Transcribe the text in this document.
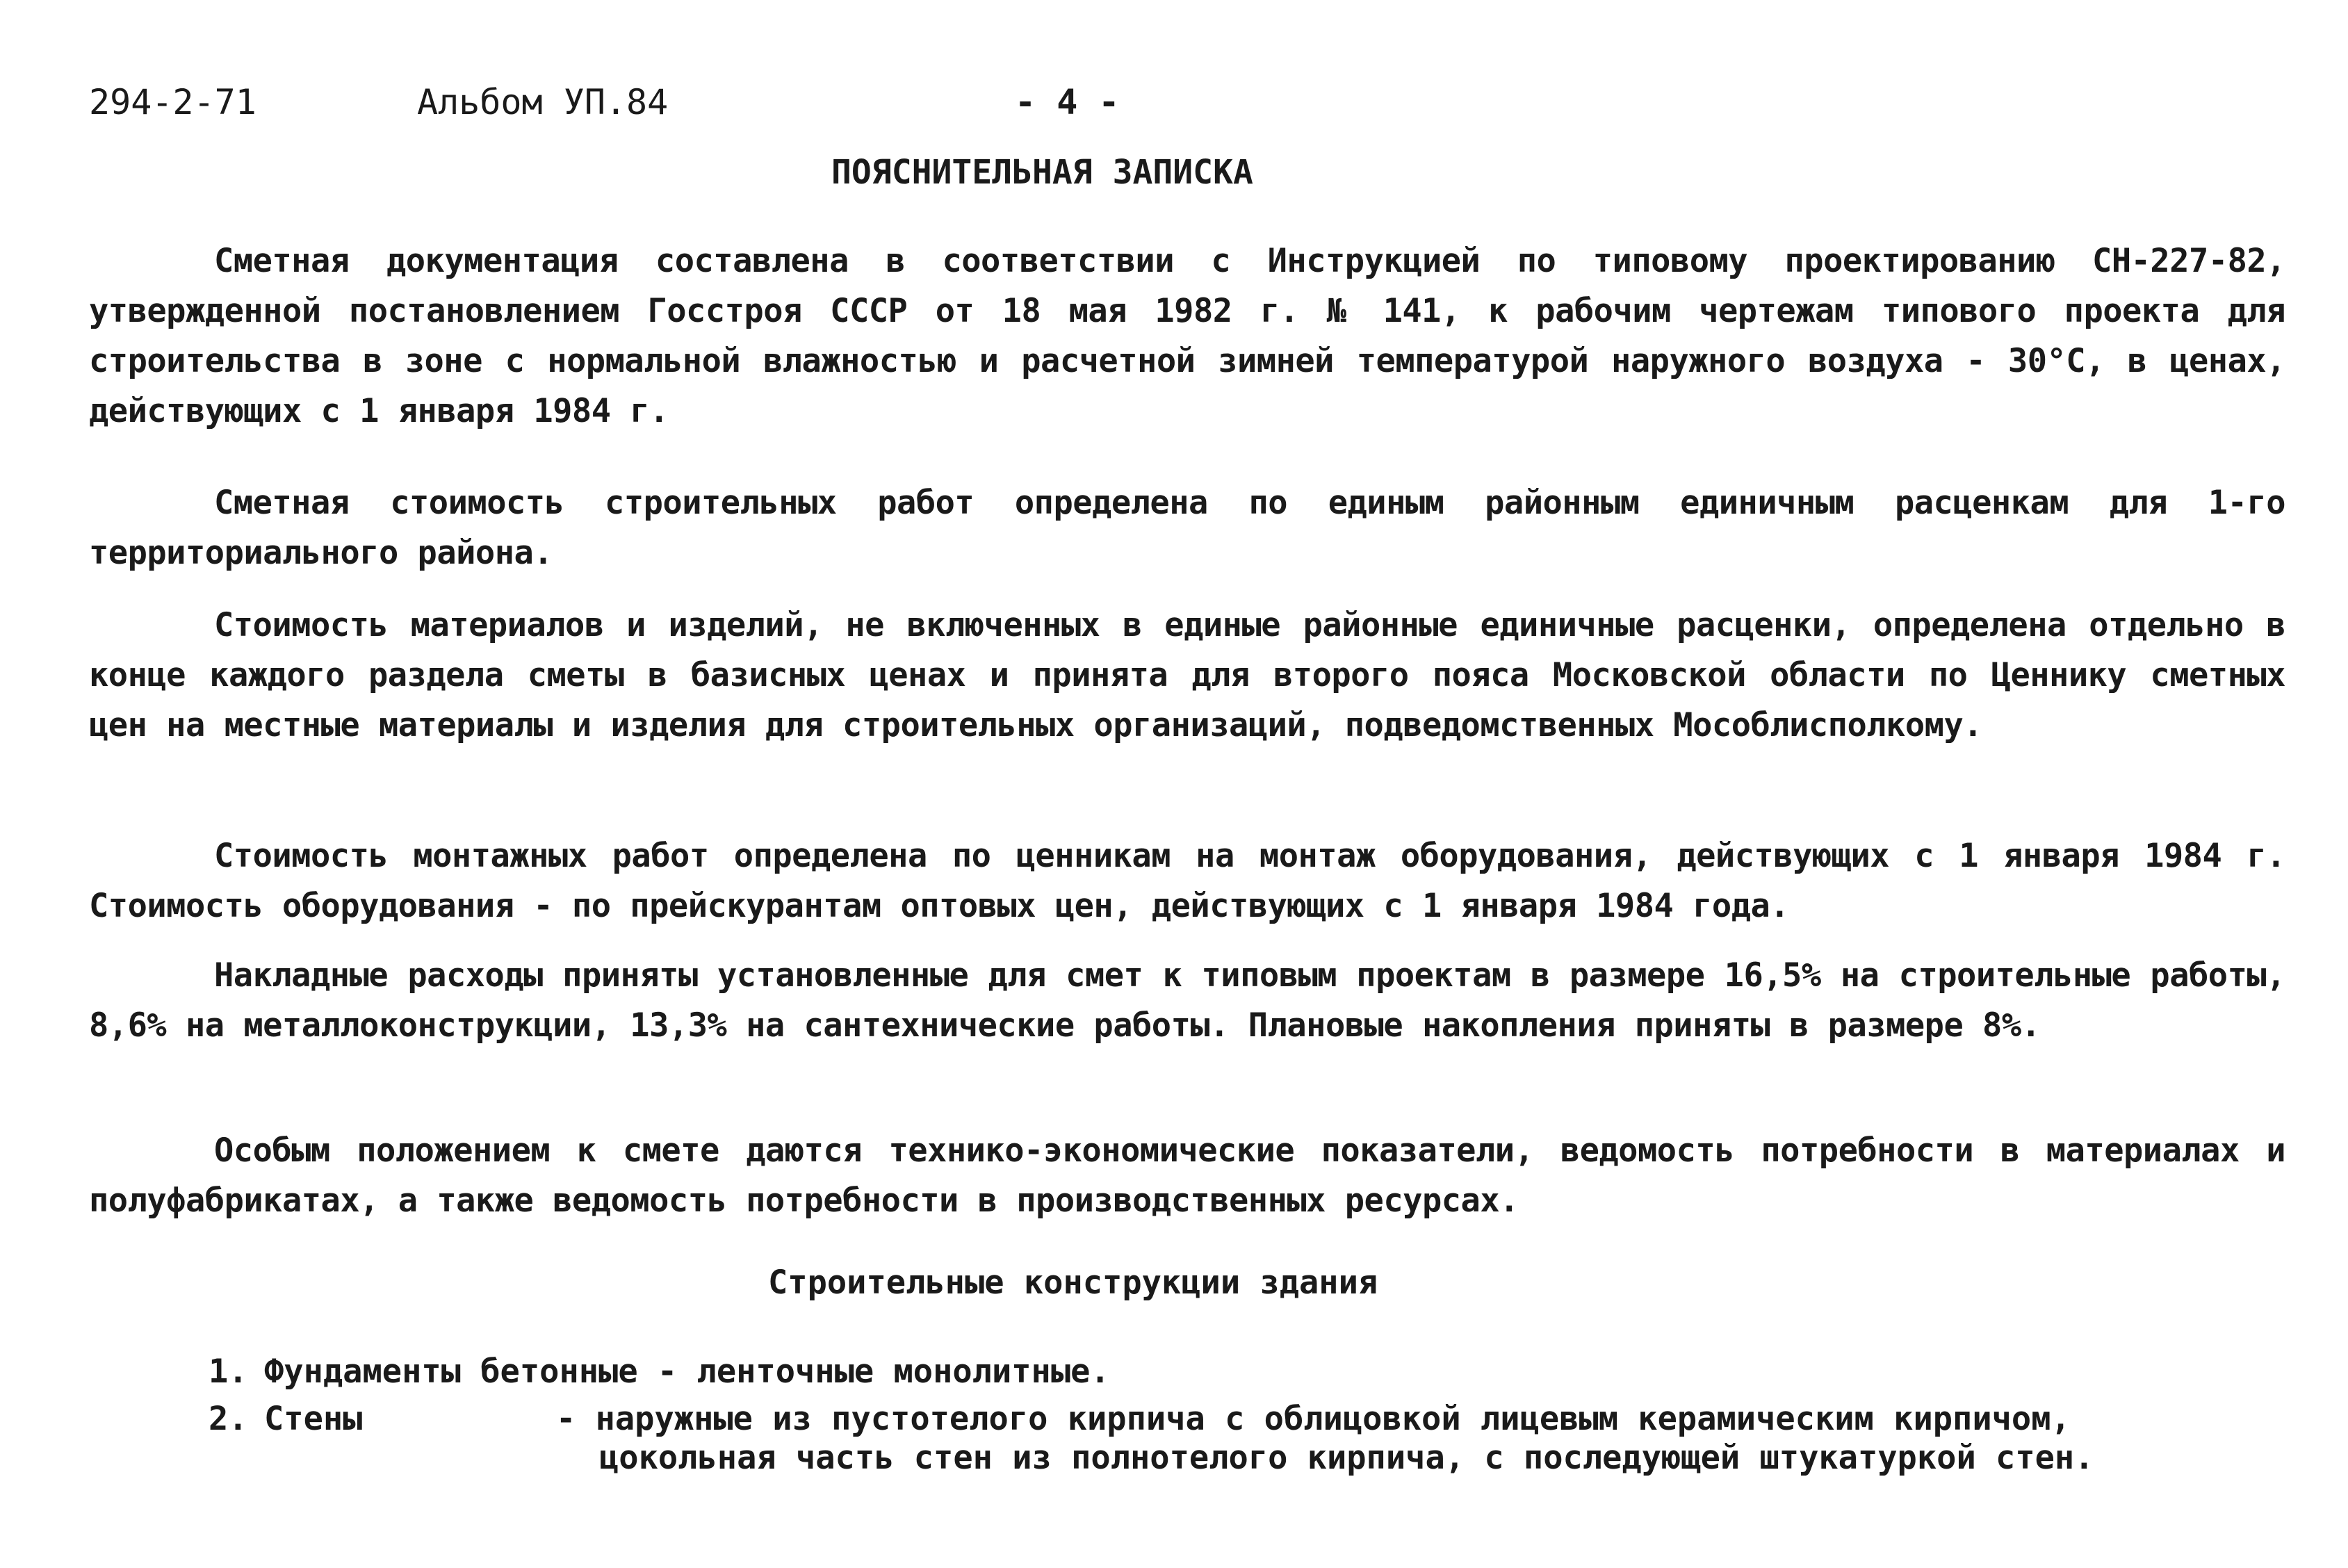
294-2-71	Альбом УП.84	- 4 -
ПОЯСНИТЕЛЬНАЯ ЗАПИСКА

Сметная документация составлена в соответствии с Инструкцией по типовому проектированию СН-227-82, утвержденной постановлением Госстроя СССР от 18 мая 1982 г. № 141, к рабочим чертежам типового проекта для строительства в зоне с нормальной влажностью и расчетной зимней температурой наружного воздуха - 30°С, в ценах, действующих с 1 января 1984 г.

Сметная стоимость строительных работ определена по единым районным единичным расценкам для 1-го территориального района.

Стоимость материалов и изделий, не включенных в единые районные единичные расценки, определена отдельно в конце каждого раздела сметы в базисных ценах и принята для второго пояса Московской области по Ценнику сметных цен на местные материалы и изделия для строительных организаций, подведомственных Мособлисполкому.

Стоимость монтажных работ определена по ценникам на монтаж оборудования, действующих с 1 января 1984 г. Стоимость оборудования - по прейскурантам оптовых цен, действующих с 1 января 1984 года.

Накладные расходы приняты установленные для смет к типовым проектам в размере 16,5% на строительные работы, 8,6% на металлоконструкции, 13,3% на сантехнические работы. Плановые накопления приняты в размере 8%.

Особым положением к смете даются технико-экономические показатели, ведомость потребности в материалах и полуфабрикатах, а также ведомость потребности в производственных ресурсах.

Строительные конструкции здания
1. Фундаменты бетонные - ленточные монолитные.
2. Стены	- наружные из пустотелого кирпича с облицовкой лицевым керамическим кирпичом,
цокольная часть стен из полнотелого кирпича, с последующей штукатуркой стен.
